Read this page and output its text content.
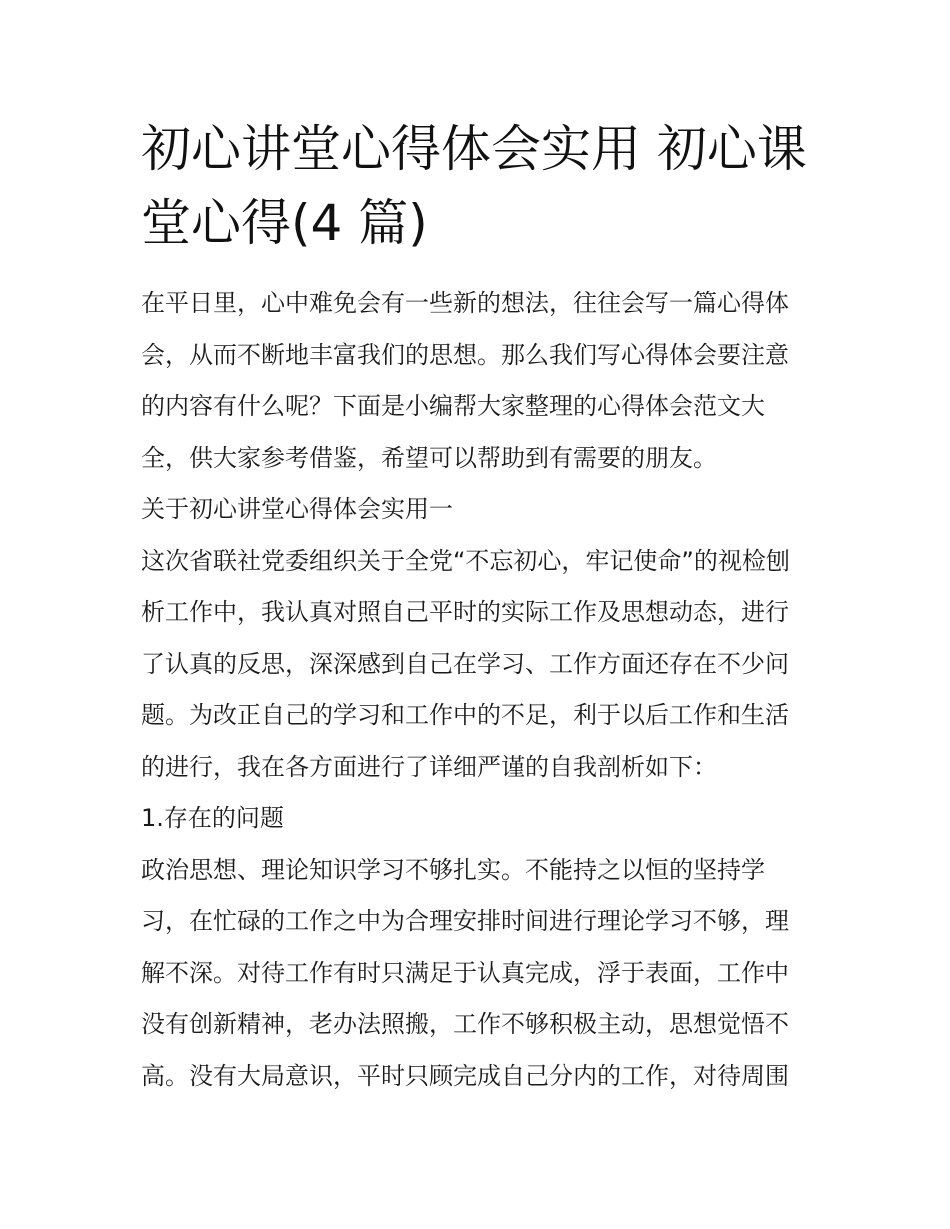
初心讲堂心得体会实用 初心课
堂心得(4 篇)

在平日里，心中难免会有一些新的想法，往往会写一篇心得体会，从而不断地丰富我们的思想。那么我们写心得体会要注意的内容有什么呢？下面是小编帮大家整理的心得体会范文大全，供大家参考借鉴，希望可以帮助到有需要的朋友。

关于初心讲堂心得体会实用一

这次省联社党委组织关于全党“不忘初心，牢记使命”的视检刨析工作中，我认真对照自己平时的实际工作及思想动态，进行了认真的反思，深深感到自己在学习、工作方面还存在不少问题。为改正自己的学习和工作中的不足，利于以后工作和生活的进行，我在各方面进行了详细严谨的自我剖析如下：

1.存在的问题

政治思想、理论知识学习不够扎实。不能持之以恒的坚持学习，在忙碌的工作之中为合理安排时间进行理论学习不够，理解不深。对待工作有时只满足于认真完成，浮于表面，工作中没有创新精神，老办法照搬，工作不够积极主动，思想觉悟不高。没有大局意识，平时只顾完成自己分内的工作，对待周围
